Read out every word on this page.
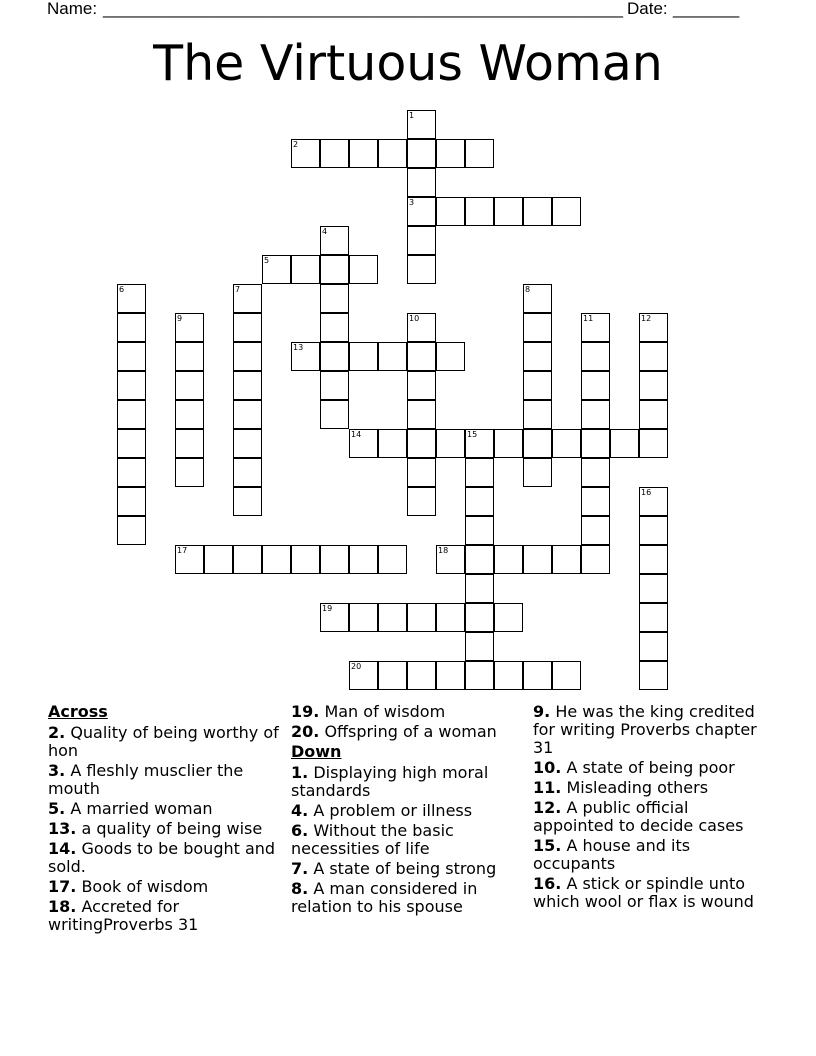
Name: _______________________________________________________ Date: _______
The Virtuous Woman
1
3
2
4
5
6	7	8
9	10	11	12
13
14	15
16
17	18
19
20
Across
2. Quality of being worthy of hon
3. A fleshly musclier the mouth
5. A married woman
13. a quality of being wise
14. Goods to be bought and sold.
17. Book of wisdom
18. Accreted for writingProverbs 31
19. Man of wisdom
20. Offspring of a woman
Down
1. Displaying high moral standards
4. A problem or illness
6. Without the basic necessities of life
7. A state of being strong
8. A man considered in relation to his spouse
9. He was the king credited for writing Proverbs chapter 31
10. A state of being poor
11. Misleading others
12. A public official appointed to decide cases
15. A house and its occupants
16. A stick or spindle unto which wool or flax is wound
